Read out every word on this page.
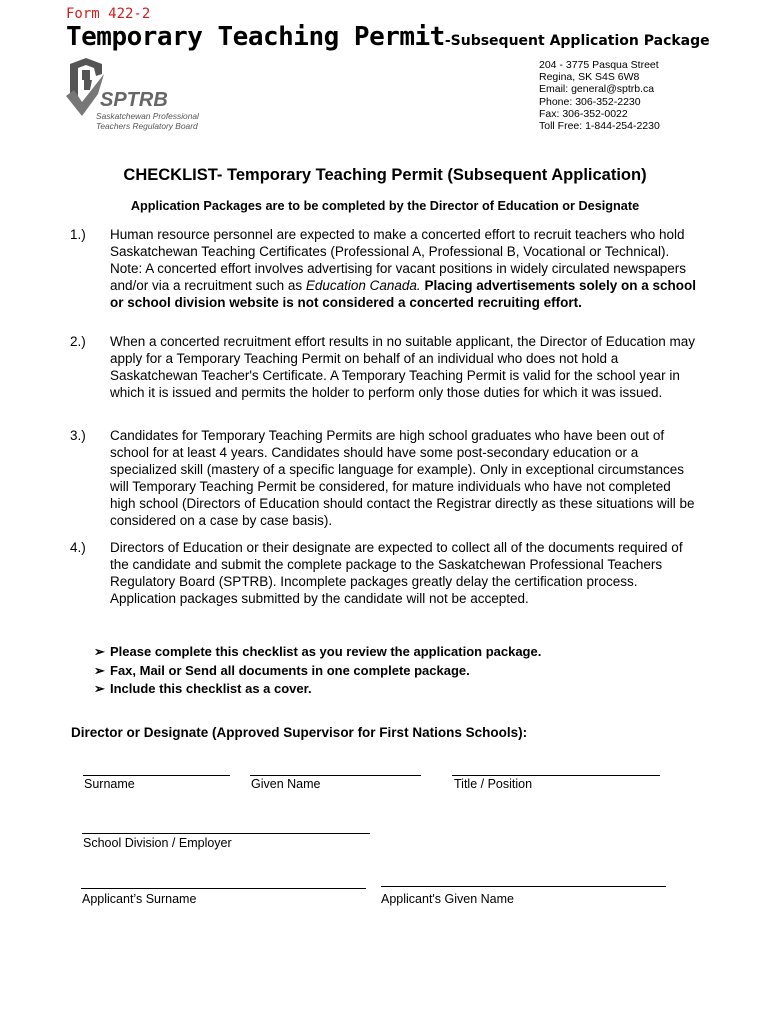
Form 422-2
Temporary Teaching Permit-Subsequent Application Package
SPTRB
Saskatchewan Professional
Teachers Regulatory Board
204 - 3775 Pasqua Street
Regina, SK S4S 6W8
Email: general@sptrb.ca
Phone: 306-352-2230
Fax: 306-352-0022
Toll Free: 1-844-254-2230
CHECKLIST- Temporary Teaching Permit (Subsequent Application)
Application Packages are to be completed by the Director of Education or Designate
1.) Human resource personnel are expected to make a concerted effort to recruit teachers who hold Saskatchewan Teaching Certificates (Professional A, Professional B, Vocational or Technical). Note: A concerted effort involves advertising for vacant positions in widely circulated newspapers and/or via a recruitment such as Education Canada. Placing advertisements solely on a school or school division website is not considered a concerted recruiting effort.
2.) When a concerted recruitment effort results in no suitable applicant, the Director of Education may apply for a Temporary Teaching Permit on behalf of an individual who does not hold a Saskatchewan Teacher's Certificate. A Temporary Teaching Permit is valid for the school year in which it is issued and permits the holder to perform only those duties for which it was issued.
3.) Candidates for Temporary Teaching Permits are high school graduates who have been out of school for at least 4 years. Candidates should have some post-secondary education or a specialized skill (mastery of a specific language for example). Only in exceptional circumstances will Temporary Teaching Permit be considered, for mature individuals who have not completed high school (Directors of Education should contact the Registrar directly as these situations will be considered on a case by case basis).
4.) Directors of Education or their designate are expected to collect all of the documents required of the candidate and submit the complete package to the Saskatchewan Professional Teachers Regulatory Board (SPTRB). Incomplete packages greatly delay the certification process. Application packages submitted by the candidate will not be accepted.
➢ Please complete this checklist as you review the application package.
➢ Fax, Mail or Send all documents in one complete package.
➢ Include this checklist as a cover.
Director or Designate (Approved Supervisor for First Nations Schools):
Surname	Given Name	Title / Position
School Division / Employer
Applicant’s Surname	Applicant's Given Name
